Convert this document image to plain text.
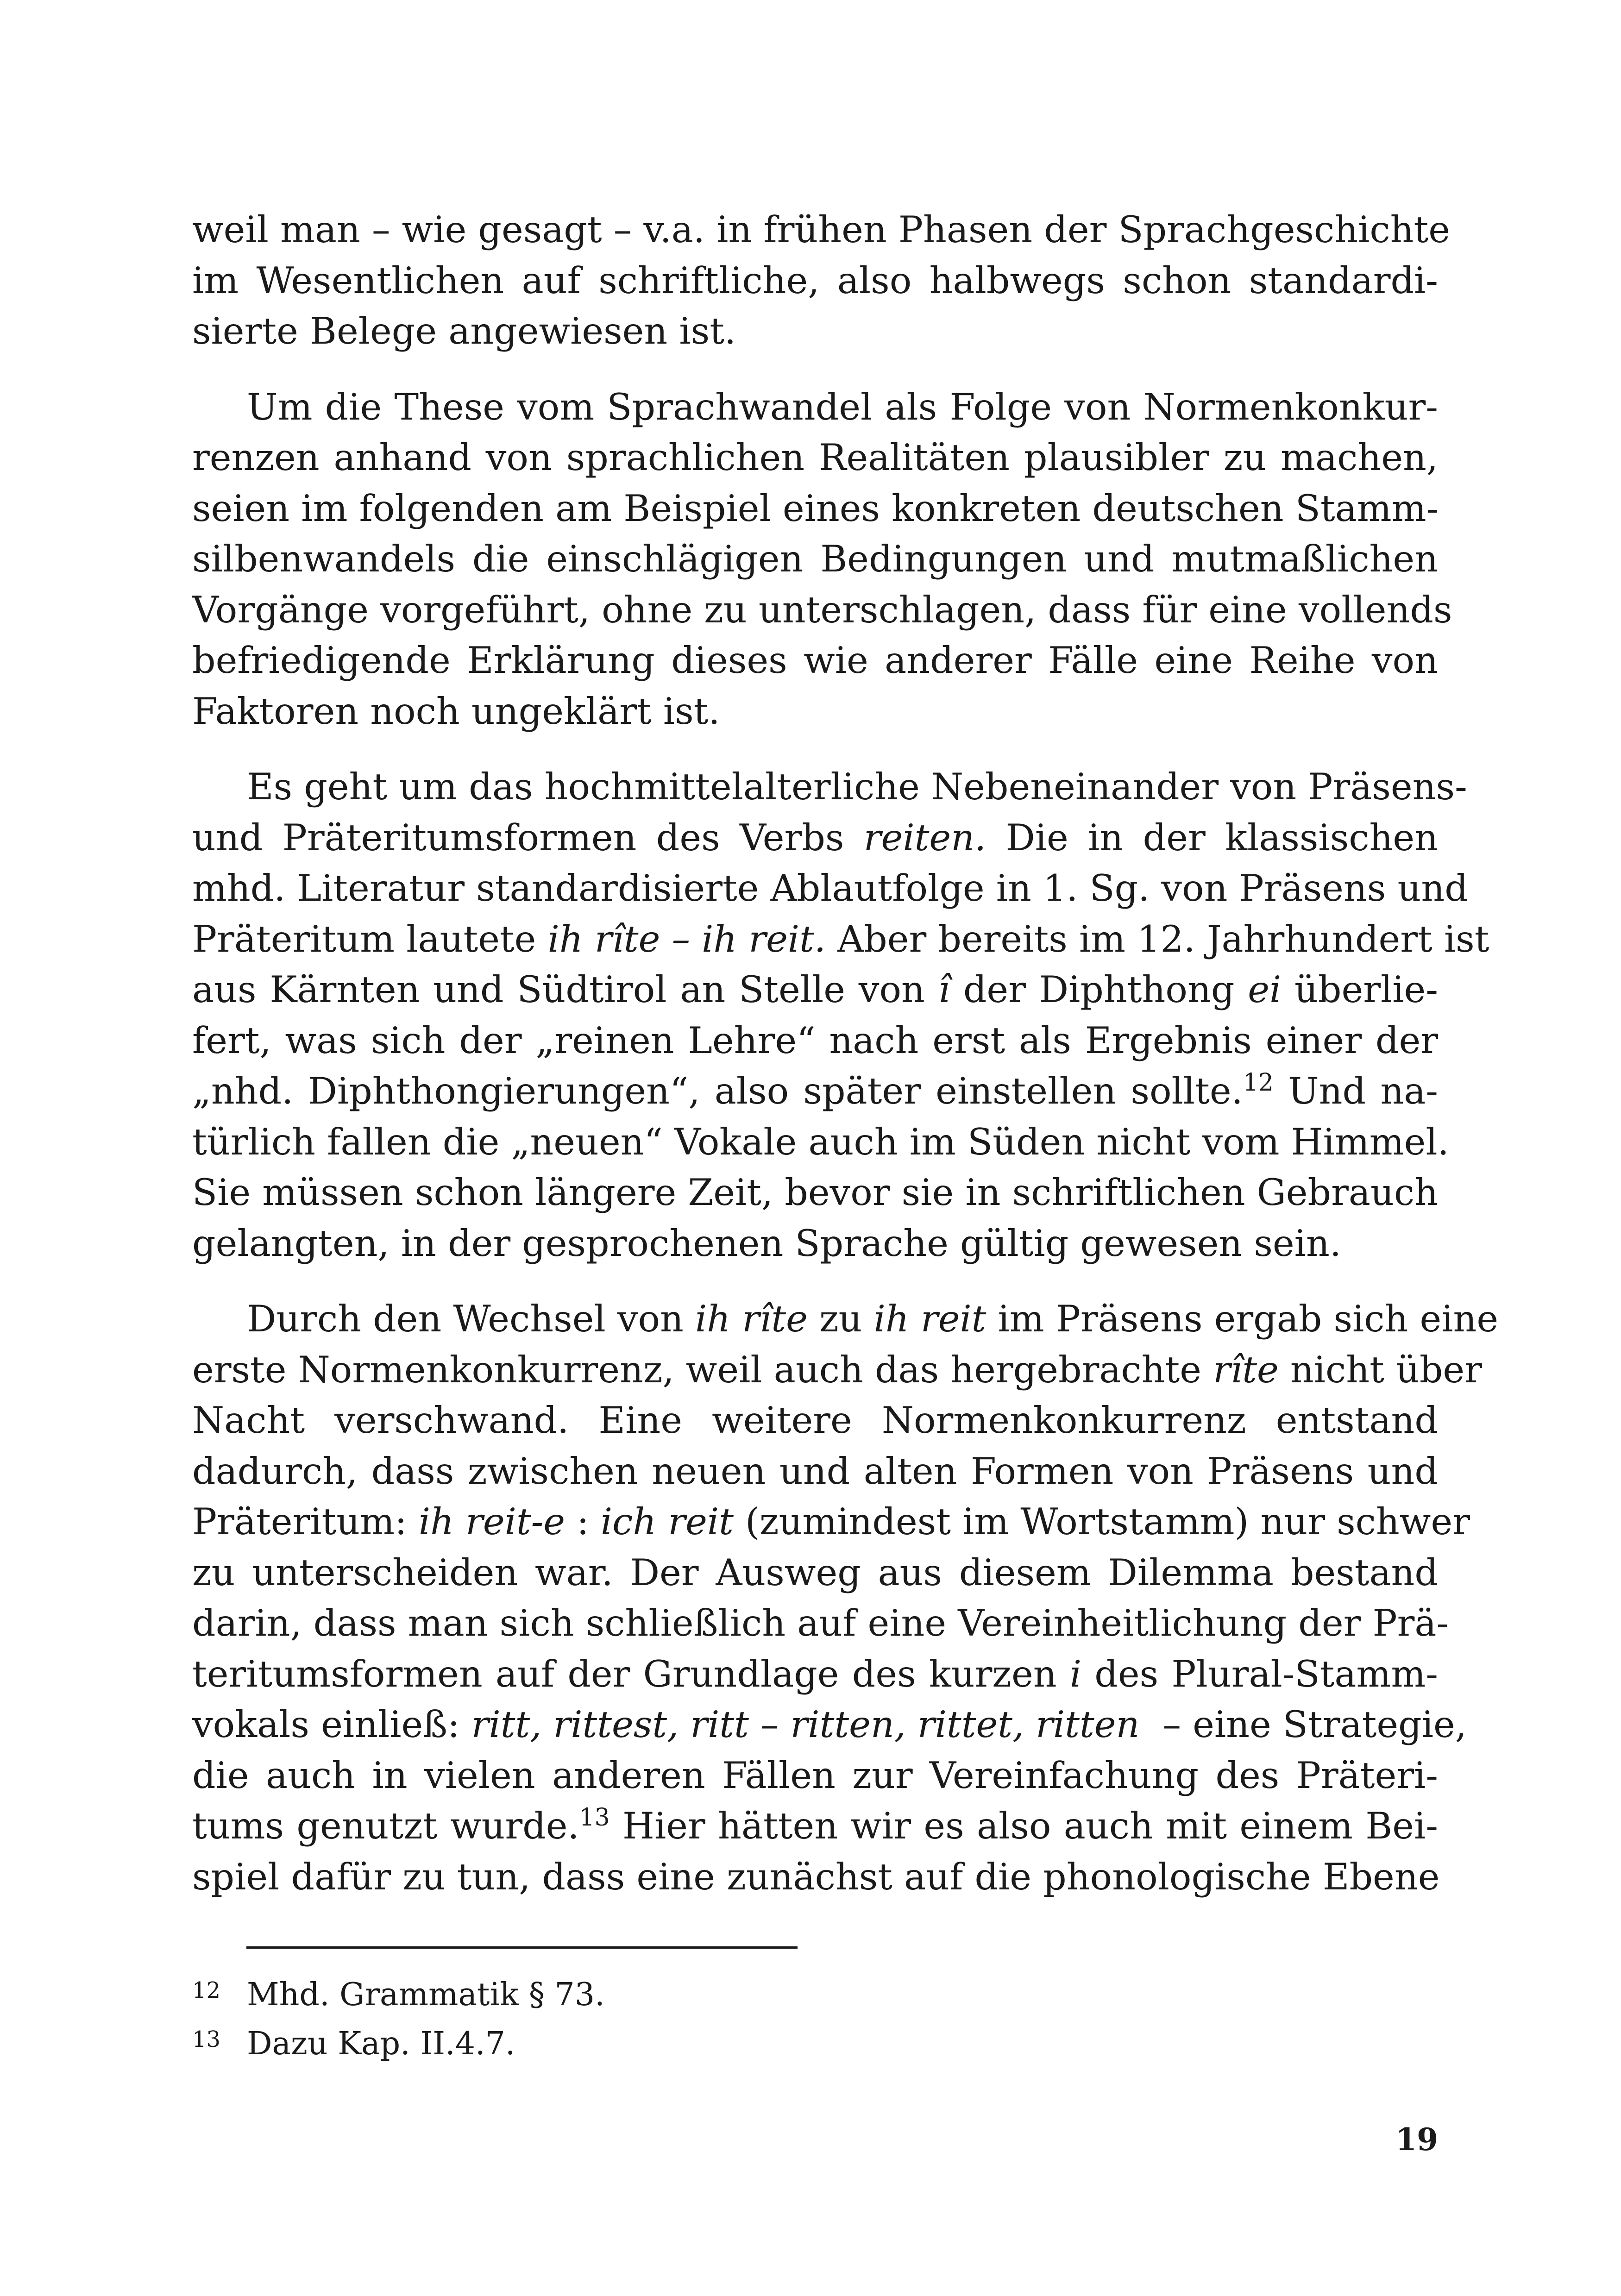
weil man – wie gesagt – v.a. in frühen Phasen der Sprachgeschichte
im Wesentlichen auf schriftliche, also halbwegs schon standardi-
sierte Belege angewiesen ist.
Um die These vom Sprachwandel als Folge von Normenkonkur-
renzen anhand von sprachlichen Realitäten plausibler zu machen,
seien im folgenden am Beispiel eines konkreten deutschen Stamm-
silbenwandels die einschlägigen Bedingungen und mutmaßlichen
Vorgänge vorgeführt, ohne zu unterschlagen, dass für eine vollends
befriedigende Erklärung dieses wie anderer Fälle eine Reihe von
Faktoren noch ungeklärt ist.
Es geht um das hochmittelalterliche Nebeneinander von Präsens-
und Präteritumsformen des Verbs reiten. Die in der klassischen
mhd. Literatur standardisierte Ablautfolge in 1. Sg. von Präsens und
Präteritum lautete ih rîte – ih reit. Aber bereits im 12. Jahrhundert ist
aus Kärnten und Südtirol an Stelle von î der Diphthong ei überlie-
fert, was sich der „reinen Lehre“ nach erst als Ergebnis einer der
„nhd. Diphthongierungen“, also später einstellen sollte.$^{12}$ Und na-
türlich fallen die „neuen“ Vokale auch im Süden nicht vom Himmel.
Sie müssen schon längere Zeit, bevor sie in schriftlichen Gebrauch
gelangten, in der gesprochenen Sprache gültig gewesen sein.
Durch den Wechsel von ih rîte zu ih reit im Präsens ergab sich eine
erste Normenkonkurrenz, weil auch das hergebrachte rîte nicht über
Nacht verschwand. Eine weitere Normenkonkurrenz entstand
dadurch, dass zwischen neuen und alten Formen von Präsens und
Präteritum: ih reit-e : ich reit (zumindest im Wortstamm) nur schwer
zu unterscheiden war. Der Ausweg aus diesem Dilemma bestand
darin, dass man sich schließlich auf eine Vereinheitlichung der Prä-
teritumsformen auf der Grundlage des kurzen i des Plural-Stamm-
vokals einließ: ritt, rittest, ritt – ritten, rittet, ritten  – eine Strategie,
die auch in vielen anderen Fällen zur Vereinfachung des Präteri-
tums genutzt wurde.$^{13}$ Hier hätten wir es also auch mit einem Bei-
spiel dafür zu tun, dass eine zunächst auf die phonologische Ebene
12 Mhd. Grammatik § 73.
13 Dazu Kap. II.4.7.
19
